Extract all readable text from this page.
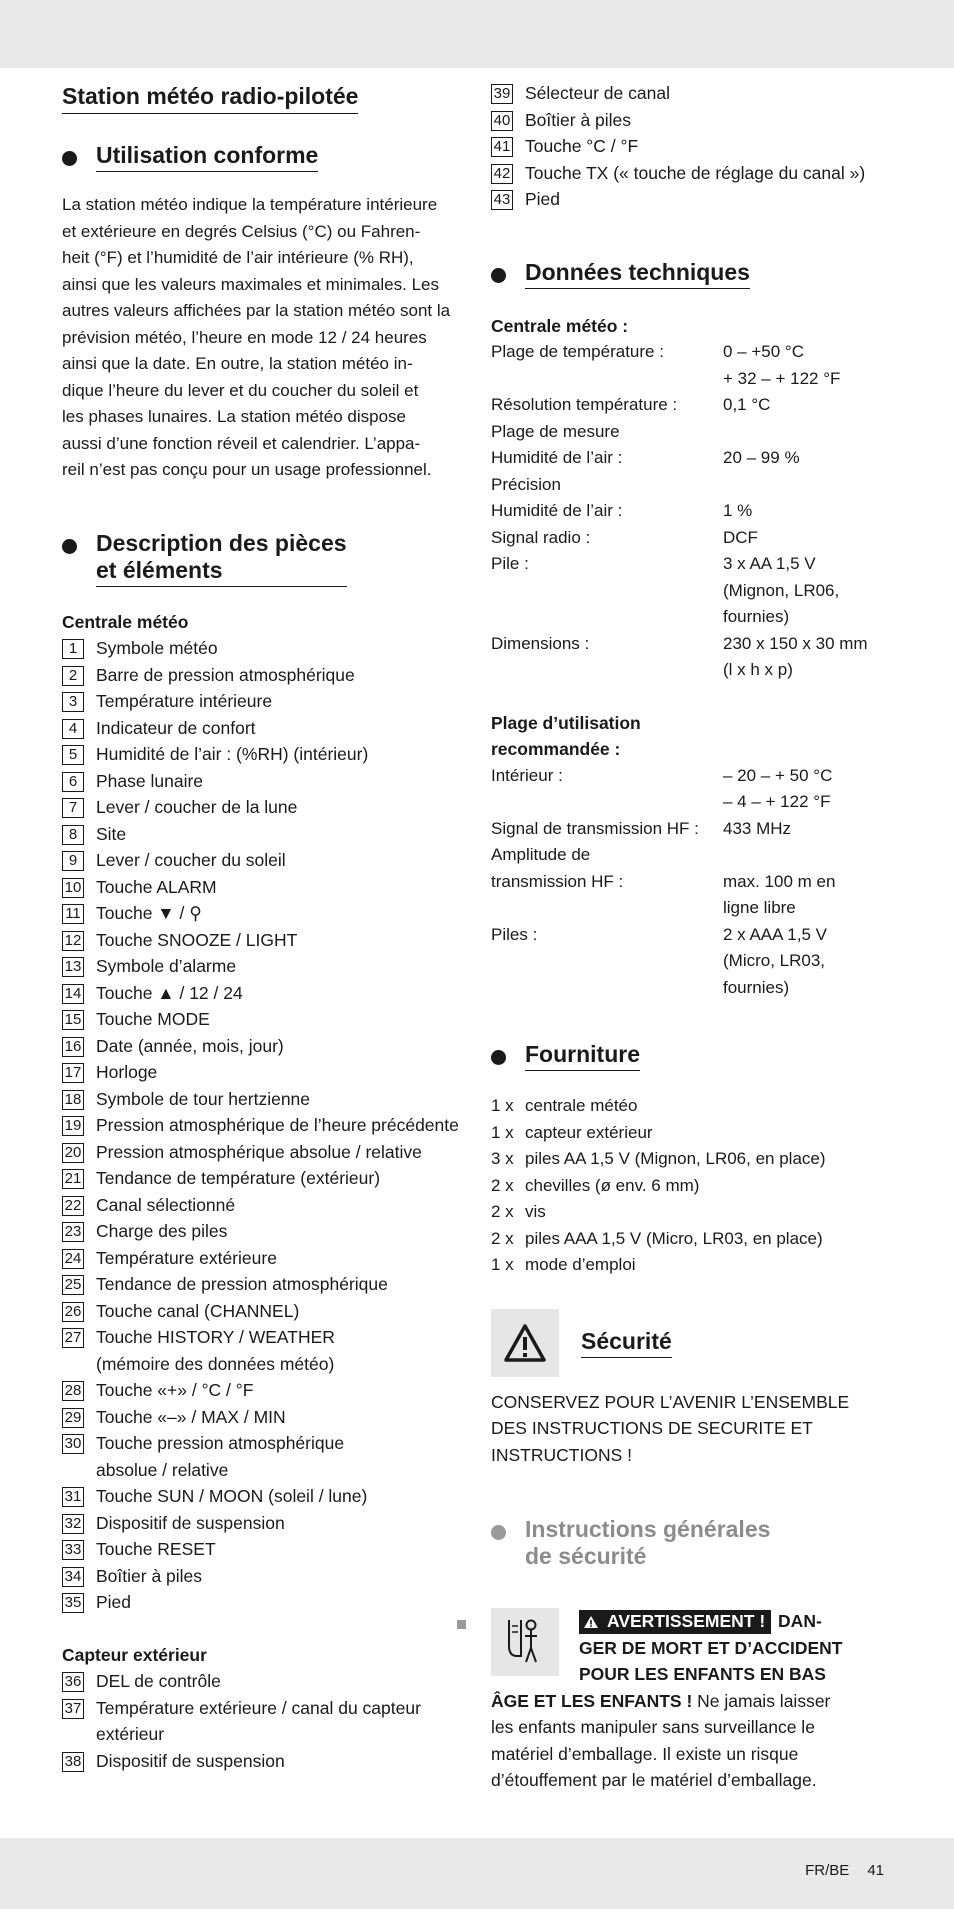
Station météo radio-pilotée
Utilisation conforme
La station météo indique la température intérieure
et extérieure en degrés Celsius (°C) ou Fahren-
heit (°F) et l’humidité de l’air intérieure (% RH),
ainsi que les valeurs maximales et minimales. Les
autres valeurs affichées par la station météo sont la
prévision météo, l’heure en mode 12 / 24 heures
ainsi que la date. En outre, la station météo in-
dique l’heure du lever et du coucher du soleil et
les phases lunaires. La station météo dispose
aussi d’une fonction réveil et calendrier. L’appa-
reil n’est pas conçu pour un usage professionnel.
Description des pièces
et éléments

Centrale météo

1	Symbole météo
2	Barre de pression atmosphérique
3	Température intérieure
4	Indicateur de confort
5	Humidité de l’air : (%RH) (intérieur)
6	Phase lunaire
7	Lever / coucher de la lune
8	Site
9	Lever / coucher du soleil
10 Touche ALARM
11 Touche ▼ / ⚲
12 Touche SNOOZE / LIGHT
13 Symbole d’alarme
14 Touche ▲ / 12 / 24
15 Touche MODE
16 Date (année, mois, jour)
17 Horloge
18 Symbole de tour hertzienne
19 Pression atmosphérique de l’heure précédente
20 Pression atmosphérique absolue / relative
21 Tendance de température (extérieur)
22 Canal sélectionné
23 Charge des piles
24 Température extérieure
25 Tendance de pression atmosphérique
26 Touche canal (CHANNEL)
27 Touche HISTORY / WEATHER
(mémoire des données météo)
28 Touche «+» / °C / °F
29 Touche «–» / MAX / MIN
30 Touche pression atmosphérique
absolue / relative
31 Touche SUN / MOON (soleil / lune)
32 Dispositif de suspension
33 Touche RESET
34 Boîtier à piles
35 Pied

Capteur extérieur

36 DEL de contrôle
37 Température extérieure / canal du capteur
extérieur
38 Dispositif de suspension
39 Sélecteur de canal
40 Boîtier à piles
41 Touche °C / °F
42 Touche TX (« touche de réglage du canal »)
43 Pied
Données techniques

Centrale météo :

Plage de température :	0 – +50 °C
+ 32 – + 122 °F
Résolution température :	0,1 °C
Plage de mesure
Humidité de l’air :	20 – 99 %
Précision
Humidité de l’air :	1 %
Signal radio :	DCF
Pile :	3 x AA 1,5 V
(Mignon, LR06,
fournies)
Dimensions :	230 x 150 x 30 mm
(l x h x p)

Plage d’utilisation

recommandée :

Intérieur :	– 20 – + 50 °C
– 4 – + 122 °F
Signal de transmission HF :	433 MHz
Amplitude de
transmission HF :	max. 100 m en
ligne libre
Piles :	2 x AAA 1,5 V
(Micro, LR03,
fournies)
Fourniture
1 x centrale météo
1 x capteur extérieur
3 x piles AA 1,5 V (Mignon, LR06, en place)
2 x chevilles (ø env. 6 mm)
2 x vis
2 x piles AAA 1,5 V (Micro, LR03, en place)
1 x mode d’emploi
Sécurité
CONSERVEZ POUR L’AVENIR L’ENSEMBLE
DES INSTRUCTIONS DE SECURITE ET
INSTRUCTIONS !
Instructions générales
de sécurité
AVERTISSEMENT ! DAN-
GER DE MORT ET D’ACCIDENT
POUR LES ENFANTS EN BAS
ÂGE ET LES ENFANTS ! Ne jamais laisser
les enfants manipuler sans surveillance le
matériel d’emballage. Il existe un risque
d’étouffement par le matériel d’emballage.
FR/BE 41
